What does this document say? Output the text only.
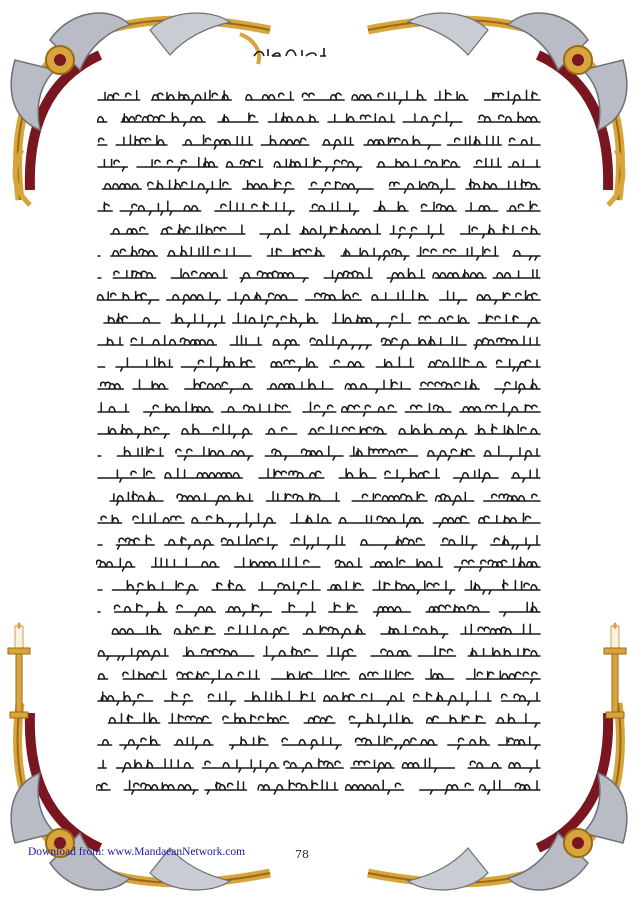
78
Download from: www.MandaeanNetwork.com
